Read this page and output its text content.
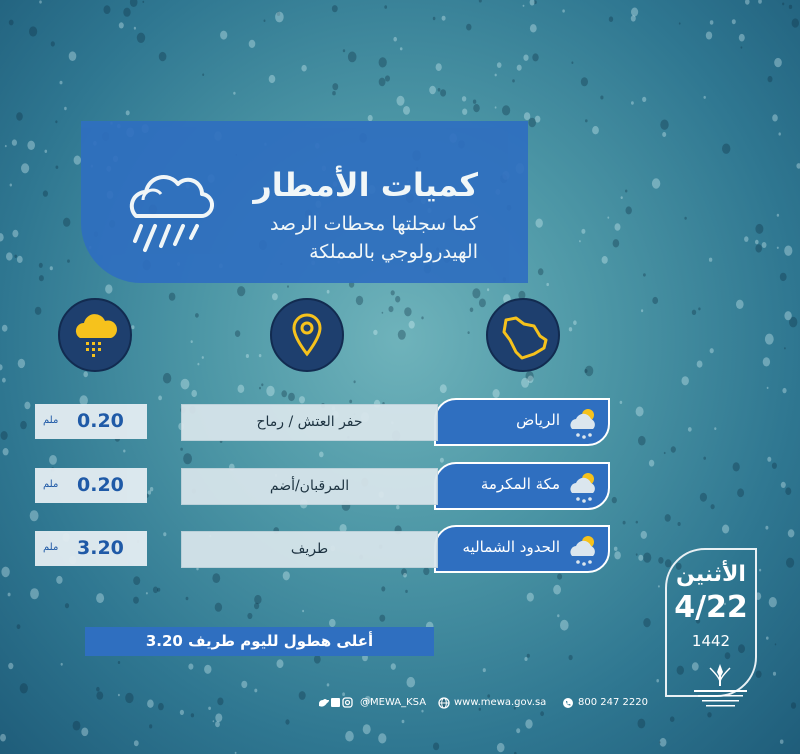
كميات الأمطار
كما سجلتها محطات الرصد
الهيدرولوجي بالمملكة
الرياض
مكة المكرمة
الحدود الشماليه
حفر العتش / رماح
المرقبان/أضم
طريف
ملم 0.20
ملم 0.20
ملم 3.20
أعلى هطول لليوم طريف 3.20
الأثنين
4/22
1442
@MEWA_KSA	www.mewa.gov.sa	800 247 2220
